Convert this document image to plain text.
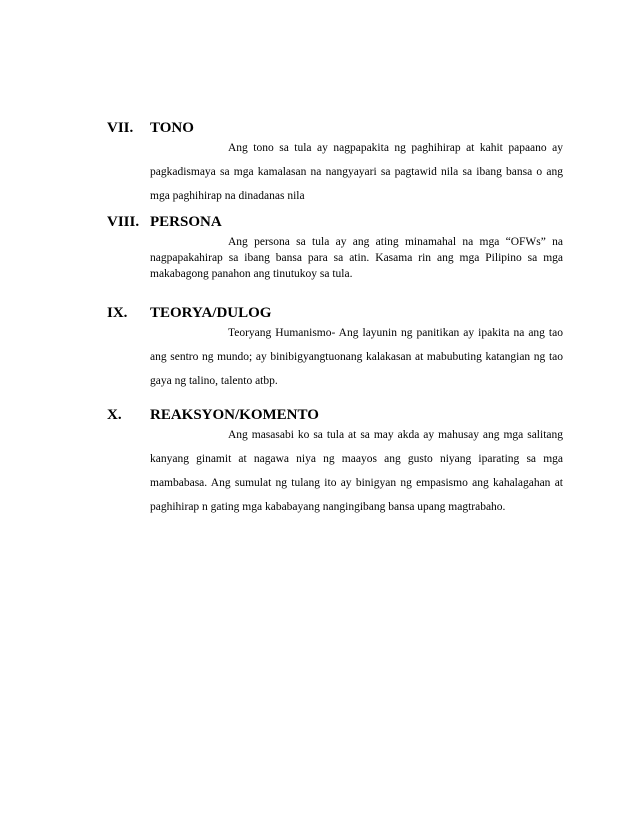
VII. TONO
Ang tono sa tula ay nagpapakita ng paghihirap at kahit papaano ay pagkadismaya sa mga kamalasan na nangyayari sa pagtawid nila sa ibang bansa o ang mga paghihirap na dinadanas nila
VIII. PERSONA
Ang persona sa tula ay ang ating minamahal na mga “OFWs” na nagpapakahirap sa ibang bansa para sa atin. Kasama rin ang mga Pilipino sa mga makabagong panahon ang tinutukoy sa tula.
IX. TEORYA/DULOG
Teoryang Humanismo- Ang layunin ng panitikan ay ipakita na ang tao ang sentro ng mundo; ay binibigyangtuonang kalakasan at mabubuting katangian ng tao gaya ng talino, talento atbp.
X. REAKSYON/KOMENTO
Ang masasabi ko sa tula at sa may akda ay mahusay ang mga salitang kanyang ginamit at nagawa niya ng maayos ang gusto niyang iparating sa mga mambabasa. Ang sumulat ng tulang ito ay binigyan ng empasismo ang kahalagahan at paghihirap n gating mga kababayang nangingibang bansa upang magtrabaho.
